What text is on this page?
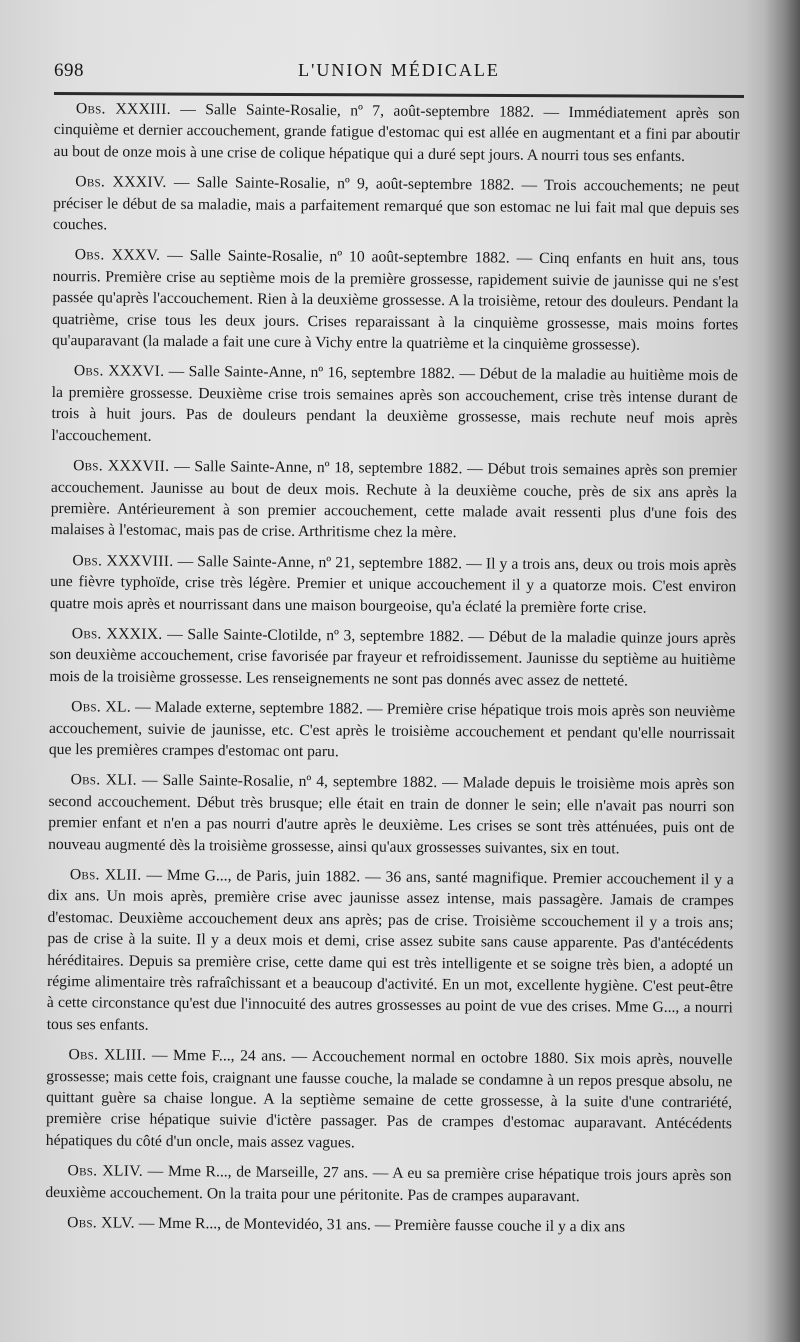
698	L'UNION MÉDICALE

Obs. XXXIII. — Salle Sainte-Rosalie, nº 7, août-septembre 1882. — Immédiatement après son cinquième et dernier accouchement, grande fatigue d'estomac qui est allée en augmentant et a fini par aboutir au bout de onze mois à une crise de colique hépatique qui a duré sept jours. A nourri tous ses enfants.

Obs. XXXIV. — Salle Sainte-Rosalie, nº 9, août-septembre 1882. — Trois accouchements; ne peut préciser le début de sa maladie, mais a parfaitement remarqué que son estomac ne lui fait mal que depuis ses couches.

Obs. XXXV. — Salle Sainte-Rosalie, nº 10 août-septembre 1882. — Cinq enfants en huit ans, tous nourris. Première crise au septième mois de la première grossesse, rapidement suivie de jaunisse qui ne s'est passée qu'après l'accouchement. Rien à la deuxième grossesse. A la troisième, retour des douleurs. Pendant la quatrième, crise tous les deux jours. Crises reparaissant à la cinquième grossesse, mais moins fortes qu'auparavant (la malade a fait une cure à Vichy entre la quatrième et la cinquième grossesse).

Obs. XXXVI. — Salle Sainte-Anne, nº 16, septembre 1882. — Début de la maladie au huitième mois de la première grossesse. Deuxième crise trois semaines après son accouchement, crise très intense durant de trois à huit jours. Pas de douleurs pendant la deuxième grossesse, mais rechute neuf mois après l'accouchement.

Obs. XXXVII. — Salle Sainte-Anne, nº 18, septembre 1882. — Début trois semaines après son premier accouchement. Jaunisse au bout de deux mois. Rechute à la deuxième couche, près de six ans après la première. Antérieurement à son premier accouchement, cette malade avait ressenti plus d'une fois des malaises à l'estomac, mais pas de crise. Arthritisme chez la mère.

Obs. XXXVIII. — Salle Sainte-Anne, nº 21, septembre 1882. — Il y a trois ans, deux ou trois mois après une fièvre typhoïde, crise très légère. Premier et unique accouchement il y a quatorze mois. C'est environ quatre mois après et nourrissant dans une maison bourgeoise, qu'a éclaté la première forte crise.

Obs. XXXIX. — Salle Sainte-Clotilde, nº 3, septembre 1882. — Début de la maladie quinze jours après son deuxième accouchement, crise favorisée par frayeur et refroidissement. Jaunisse du septième au huitième mois de la troisième grossesse. Les renseignements ne sont pas donnés avec assez de netteté.

Obs. XL. — Malade externe, septembre 1882. — Première crise hépatique trois mois après son neuvième accouchement, suivie de jaunisse, etc. C'est après le troisième accouchement et pendant qu'elle nourrissait que les premières crampes d'estomac ont paru.

Obs. XLI. — Salle Sainte-Rosalie, nº 4, septembre 1882. — Malade depuis le troisième mois après son second accouchement. Début très brusque; elle était en train de donner le sein; elle n'avait pas nourri son premier enfant et n'en a pas nourri d'autre après le deuxième. Les crises se sont très atténuées, puis ont de nouveau augmenté dès la troisième grossesse, ainsi qu'aux grossesses suivantes, six en tout.

Obs. XLII. — Mme G..., de Paris, juin 1882. — 36 ans, santé magnifique. Premier accouchement il y a dix ans. Un mois après, première crise avec jaunisse assez intense, mais passagère. Jamais de crampes d'estomac. Deuxième accouchement deux ans après; pas de crise. Troisième sccouchement il y a trois ans; pas de crise à la suite. Il y a deux mois et demi, crise assez subite sans cause apparente. Pas d'antécédents héréditaires. Depuis sa première crise, cette dame qui est très intelligente et se soigne très bien, a adopté un régime alimentaire très rafraîchissant et a beaucoup d'activité. En un mot, excellente hygiène. C'est peut-être à cette circonstance qu'est due l'innocuité des autres grossesses au point de vue des crises. Mme G..., a nourri tous ses enfants.

Obs. XLIII. — Mme F..., 24 ans. — Accouchement normal en octobre 1880. Six mois après, nouvelle grossesse; mais cette fois, craignant une fausse couche, la malade se condamne à un repos presque absolu, ne quittant guère sa chaise longue. A la septième semaine de cette grossesse, à la suite d'une contrariété, première crise hépatique suivie d'ictère passager. Pas de crampes d'estomac auparavant. Antécédents hépatiques du côté d'un oncle, mais assez vagues.

Obs. XLIV. — Mme R..., de Marseille, 27 ans. — A eu sa première crise hépatique trois jours après son deuxième accouchement. On la traita pour une péritonite. Pas de crampes auparavant.

Obs. XLV. — Mme R..., de Montevidéo, 31 ans. — Première fausse couche il y a dix ans
